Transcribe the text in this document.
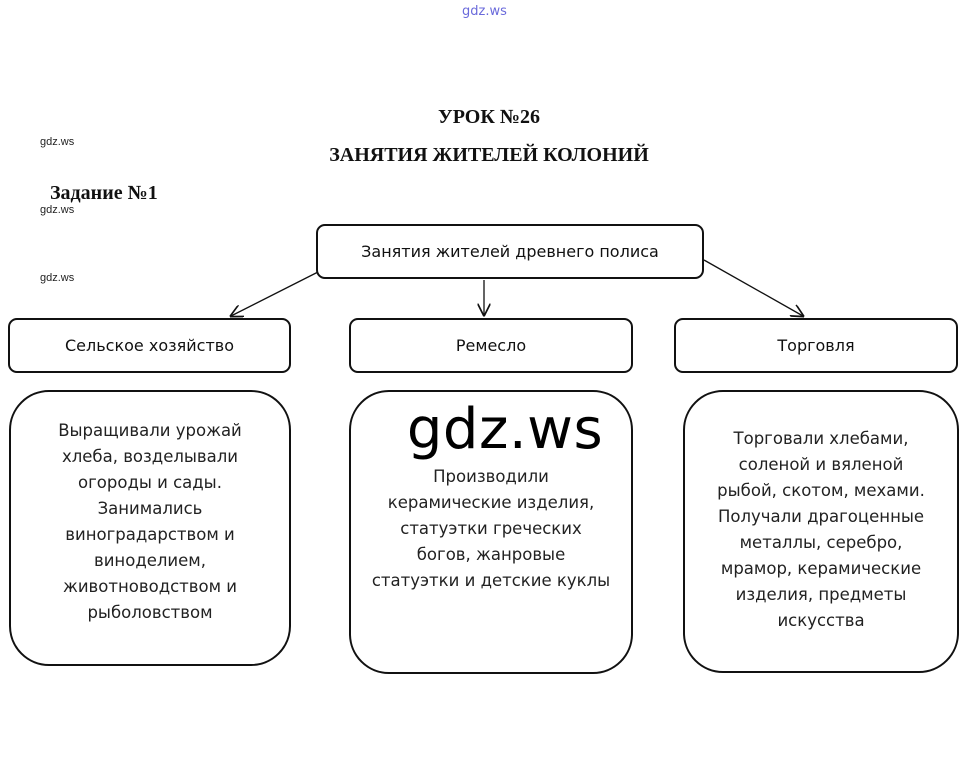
gdz.ws
gdz.ws
gdz.ws
gdz.ws
УРОК №26
ЗАНЯТИЯ ЖИТЕЛЕЙ КОЛОНИЙ
Задание №1
Занятия жителей древнего полиса
Сельское хозяйство	Ремесло	Торговля
Выращивали урожай
хлеба, возделывали
огороды и сады.
Занимались
виноградарством и
виноделием,
животноводством и
рыболовством
Производили
керамические изделия,
статуэтки греческих
богов, жанровые
статуэтки и детские куклы
Торговали хлебами,
соленой и вяленой
рыбой, скотом, мехами.
Получали драгоценные
металлы, серебро,
мрамор, керамические
изделия, предметы
искусства
gdz.ws
